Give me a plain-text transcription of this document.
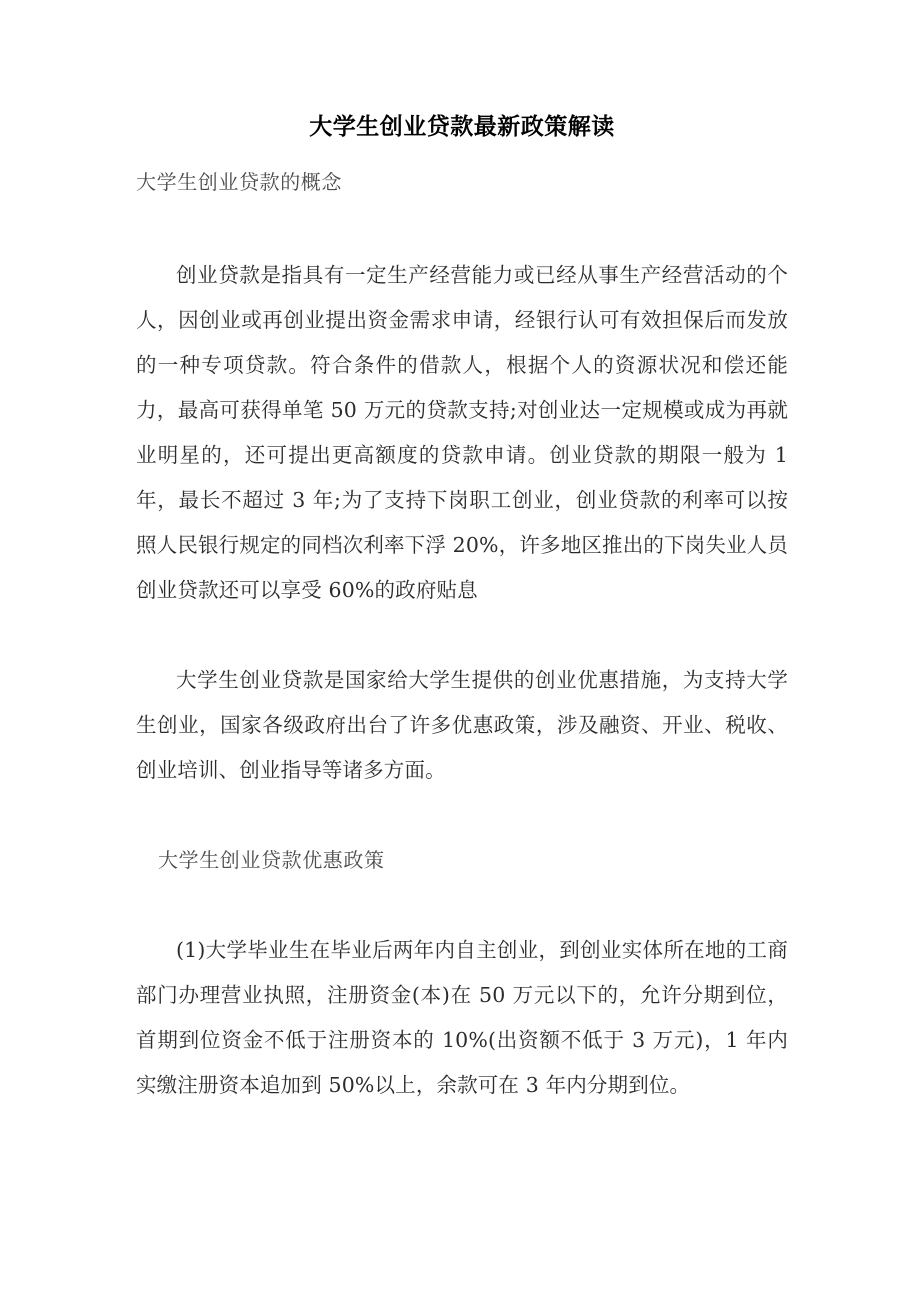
大学生创业贷款最新政策解读
大学生创业贷款的概念

创业贷款是指具有一定生产经营能力或已经从事生产经营活动的个人，因创业或再创业提出资金需求申请，经银行认可有效担保后而发放的一种专项贷款。符合条件的借款人，根据个人的资源状况和偿还能力，最高可获得单笔 50 万元的贷款支持;对创业达一定规模或成为再就业明星的，还可提出更高额度的贷款申请。创业贷款的期限一般为 1 年，最长不超过 3 年;为了支持下岗职工创业，创业贷款的利率可以按照人民银行规定的同档次利率下浮 20%，许多地区推出的下岗失业人员创业贷款还可以享受 60%的政府贴息

大学生创业贷款是国家给大学生提供的创业优惠措施，为支持大学生创业，国家各级政府出台了许多优惠政策，涉及融资、开业、税收、创业培训、创业指导等诸多方面。

大学生创业贷款优惠政策

(1)大学毕业生在毕业后两年内自主创业，到创业实体所在地的工商部门办理营业执照，注册资金(本)在 50 万元以下的，允许分期到位，首期到位资金不低于注册资本的 10%(出资额不低于 3 万元)，1 年内实缴注册资本追加到 50%以上，余款可在 3 年内分期到位。
